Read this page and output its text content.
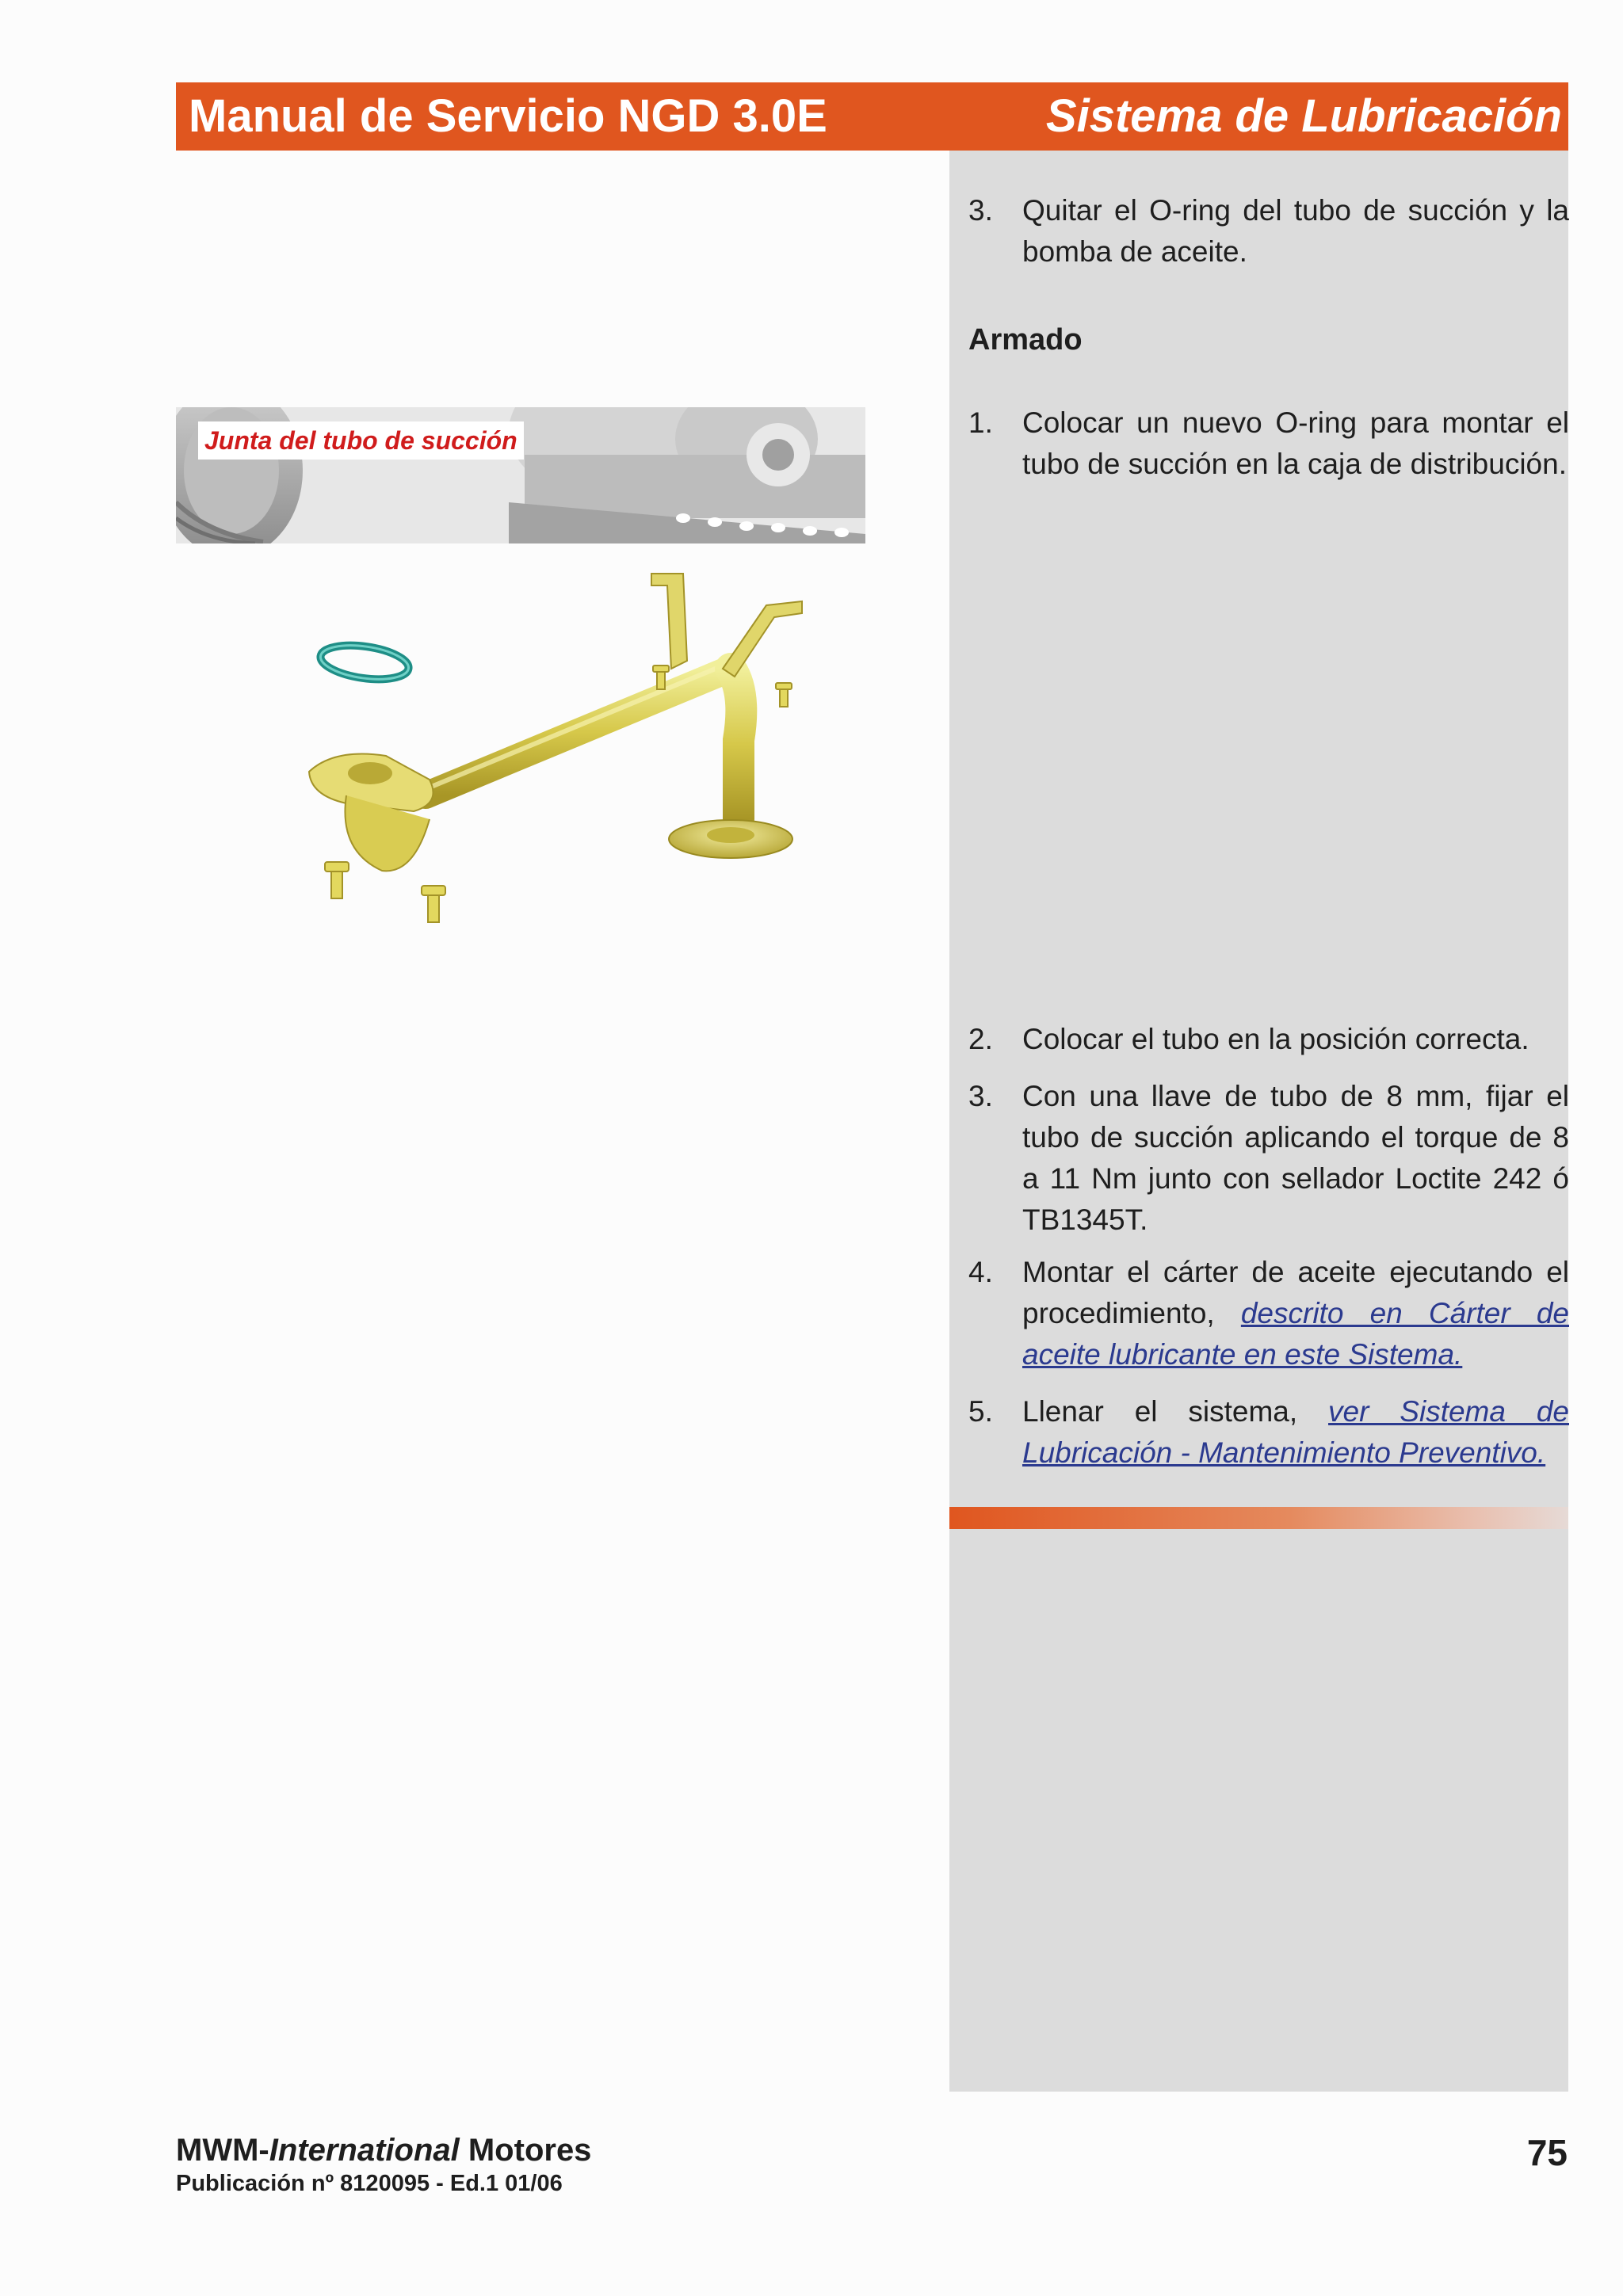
Manual de Servicio NGD 3.0E	Sistema de Lubricación
3. Quitar el O-ring del tubo de succión y la bomba de aceite.
Armado
1. Colocar un nuevo O-ring para montar el tubo de succión en la caja de distribución.
2. Colocar el tubo en la posición correcta.
3. Con una llave de tubo de 8 mm, fijar el tubo de succión aplicando el torque de 8 a 11 Nm junto con sellador Loctite 242 ó TB1345T.
4. Montar el cárter de aceite ejecutando el procedimiento, descrito en Cárter de aceite lubricante en este Sistema.
5. Llenar el sistema, ver Sistema de Lubricación - Mantenimiento Preventivo.
Junta del tubo de succión
MWM-International Motores
Publicación nº 8120095 - Ed.1 01/06
75
